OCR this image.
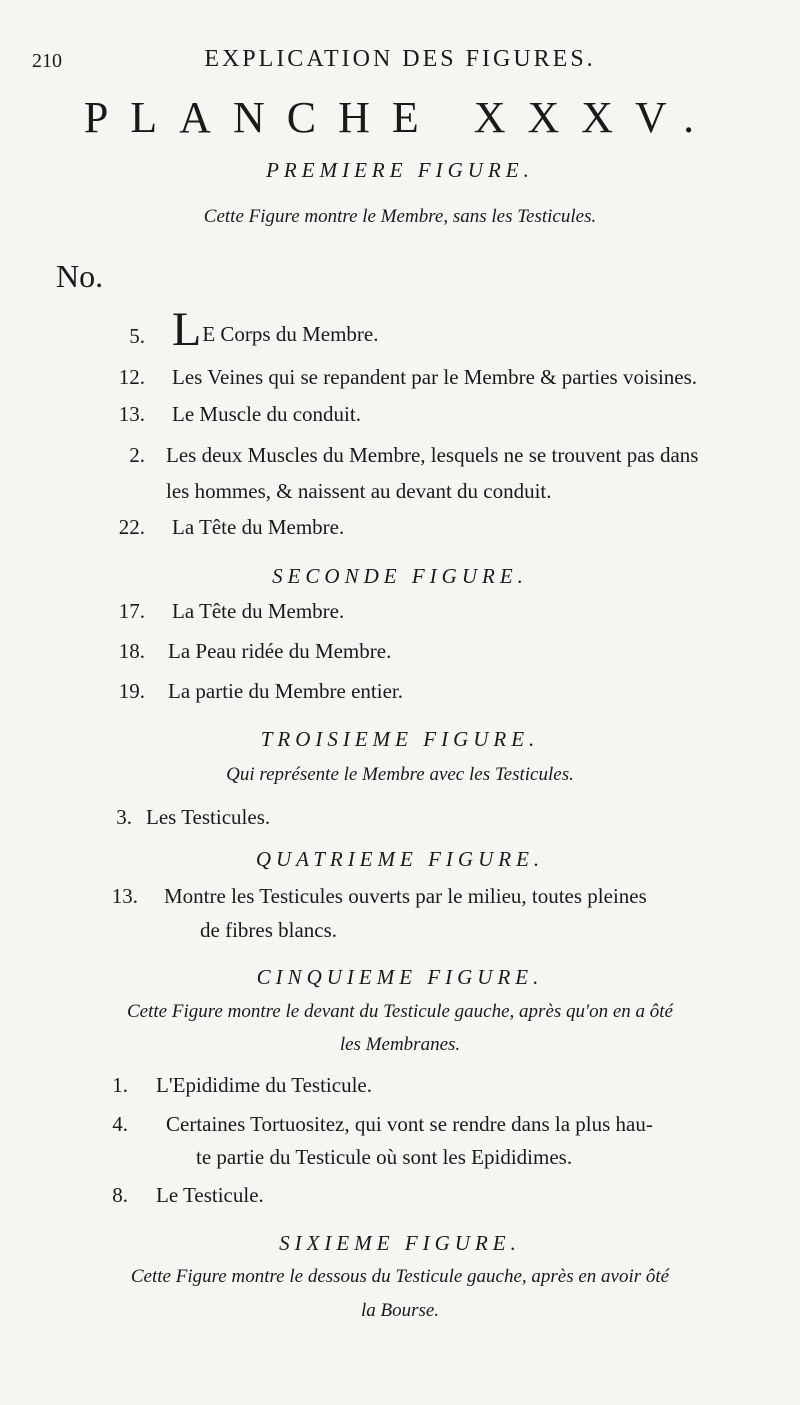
210	EXPLICATION DES FIGURES.
PLANCHE XXXV.
PREMIERE FIGURE.
Cette Figure montre le Membre, sans les Testicules.
No.
5. LE Corps du Membre.
12. Les Veines qui se repandent par le Membre & parties voisines.
13. Le Muscle du conduit.
2. Les deux Muscles du Membre, lesquels ne se trouvent pas dans
les hommes, & naissent au devant du conduit.
22. La Tête du Membre.
SECONDE FIGURE.
17. La Tête du Membre.
18. La Peau ridée du Membre.
19. La partie du Membre entier.
TROISIEME FIGURE.
Qui représente le Membre avec les Testicules.
3. Les Testicules.
QUATRIEME FIGURE.
13. Montre les Testicules ouverts par le milieu, toutes pleines
de fibres blancs.
CINQUIEME FIGURE.
Cette Figure montre le devant du Testicule gauche, après qu'on en a ôté
les Membranes.
1. L'Epididime du Testicule.
4. Certaines Tortuositez, qui vont se rendre dans la plus hau-
te partie du Testicule où sont les Epididimes.
8. Le Testicule.
SIXIEME FIGURE.
Cette Figure montre le dessous du Testicule gauche, après en avoir ôté
la Bourse.
